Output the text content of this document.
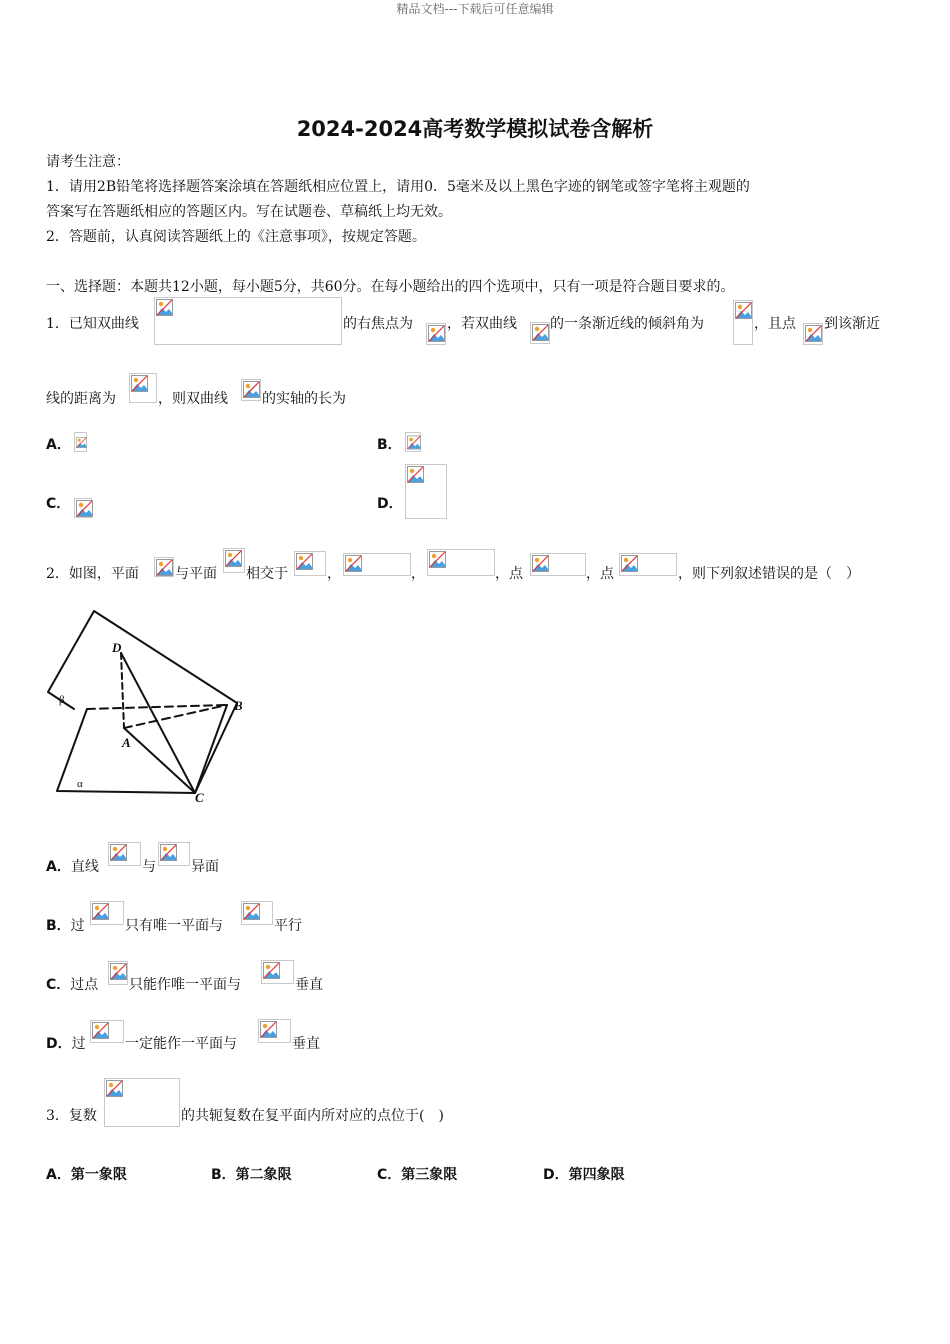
精品文档---下载后可任意编辑
2024-2024高考数学模拟试卷含解析
请考生注意：
1．请用2B铅笔将选择题答案涂填在答题纸相应位置上，请用0．5毫米及以上黑色字迹的钢笔或签字笔将主观题的
答案写在答题纸相应的答题区内。写在试题卷、草稿纸上均无效。
2．答题前，认真阅读答题纸上的《注意事项》，按规定答题。
一、选择题：本题共12小题，每小题5分，共60分。在每小题给出的四个选项中，只有一项是符合题目要求的。
1．已知双曲线	的右焦点为 ，若双曲线 的一条渐近线的倾斜角为	，且点 到该渐近
线的距离为	，则双曲线 的实轴的长为
A．	B．
C．	D．
2．如图，平面	与平面 相交于	，	，	，点	，点	，则下列叙述错误的是（　）
D
B
A
C
β
α
A．直线	与	异面
B．过	只有唯一平面与	平行
C．过点 只能作唯一平面与	垂直
D．过	一定能作一平面与	垂直
3．复数	的共轭复数在复平面内所对应的点位于(　)
A．第一象限	B．第二象限	C．第三象限	D．第四象限
